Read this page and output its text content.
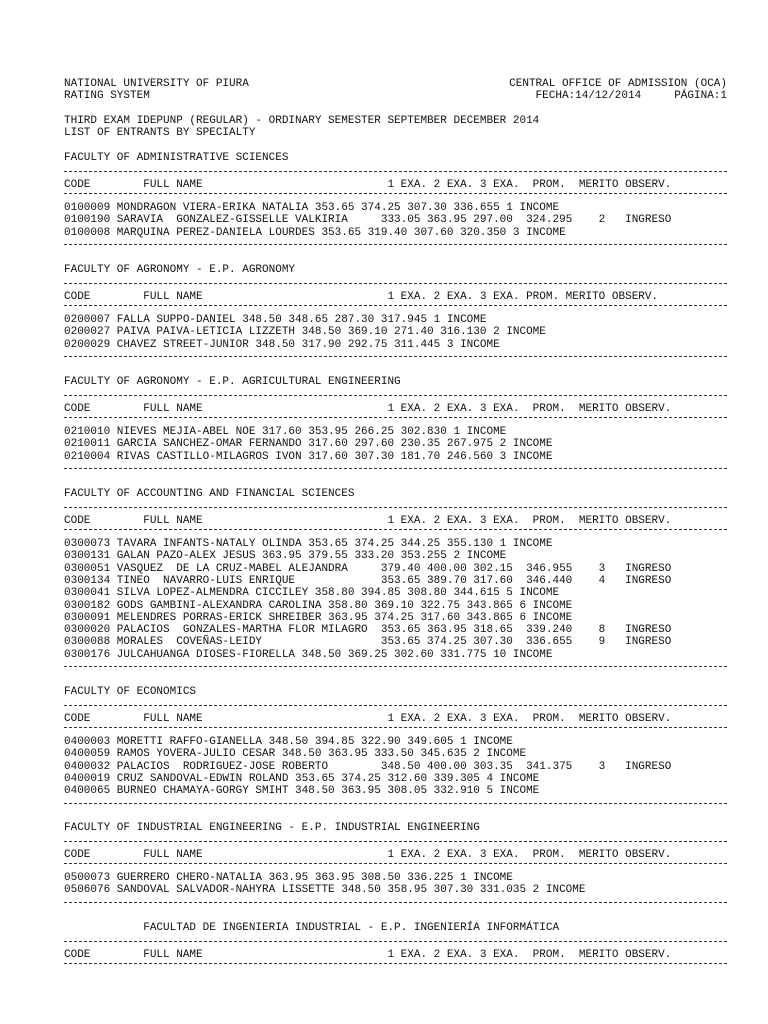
NATIONAL UNIVERSITY OF PIURA	CENTRAL OFFICE OF ADMISSION (OCA)
RATING SYSTEM	FECHA:14/12/2014	PÁGINA:1
THIRD EXAM IDEPUNP (REGULAR) - ORDINARY SEMESTER SEPTEMBER DECEMBER 2014
LIST OF ENTRANTS BY SPECIALTY
FACULTY OF ADMINISTRATIVE SCIENCES
CODE        FULL NAME                            1 EXA. 2 EXA. 3 EXA.  PROM.  MERITO OBSERV.
0100009 MONDRAGON VIERA-ERIKA NATALIA 353.65 374.25 307.30 336.655 1 INCOME
0100190 SARAVIA  GONZALEZ-GISSELLE VALKIRIA     333.05 363.95 297.00  324.295    2   INGRESO
0100008 MARQUINA PEREZ-DANIELA LOURDES 353.65 319.40 307.60 320.350 3 INCOME
FACULTY OF AGRONOMY - E.P. AGRONOMY
CODE        FULL NAME                            1 EXA. 2 EXA. 3 EXA. PROM. MERITO OBSERV.
0200007 FALLA SUPPO-DANIEL 348.50 348.65 287.30 317.945 1 INCOME
0200027 PAIVA PAIVA-LETICIA LIZZETH 348.50 369.10 271.40 316.130 2 INCOME
0200029 CHAVEZ STREET-JUNIOR 348.50 317.90 292.75 311.445 3 INCOME
FACULTY OF AGRONOMY - E.P. AGRICULTURAL ENGINEERING
CODE        FULL NAME                            1 EXA. 2 EXA. 3 EXA.  PROM.  MERITO OBSERV.
0210010 NIEVES MEJIA-ABEL NOE 317.60 353.95 266.25 302.830 1 INCOME
0210011 GARCIA SANCHEZ-OMAR FERNANDO 317.60 297.60 230.35 267.975 2 INCOME
0210004 RIVAS CASTILLO-MILAGROS IVON 317.60 307.30 181.70 246.560 3 INCOME
FACULTY OF ACCOUNTING AND FINANCIAL SCIENCES
CODE        FULL NAME                            1 EXA. 2 EXA. 3 EXA.  PROM.  MERITO OBSERV.
0300073 TAVARA INFANTS-NATALY OLINDA 353.65 374.25 344.25 355.130 1 INCOME
0300131 GALAN PAZO-ALEX JESUS 363.95 379.55 333.20 353.255 2 INCOME
0300051 VASQUEZ  DE LA CRUZ-MABEL ALEJANDRA     379.40 400.00 302.15  346.955    3   INGRESO
0300134 TINEO  NAVARRO-LUIS ENRIQUE             353.65 389.70 317.60  346.440    4   INGRESO
0300041 SILVA LOPEZ-ALMENDRA CICCILEY 358.80 394.85 308.80 344.615 5 INCOME
0300182 GODS GAMBINI-ALEXANDRA CAROLINA 358.80 369.10 322.75 343.865 6 INCOME
0300091 MELENDRES PORRAS-ERICK SHREIBER 363.95 374.25 317.60 343.865 6 INCOME
0300020 PALACIOS  GONZALES-MARTHA FLOR MILAGRO  353.65 363.95 318.65  339.240    8   INGRESO
0300088 MORALES  COVEÑAS-LEIDY                  353.65 374.25 307.30  336.655    9   INGRESO
0300176 JULCAHUANGA DIOSES-FIORELLA 348.50 369.25 302.60 331.775 10 INCOME
FACULTY OF ECONOMICS
CODE        FULL NAME                            1 EXA. 2 EXA. 3 EXA.  PROM.  MERITO OBSERV.
0400003 MORETTI RAFFO-GIANELLA 348.50 394.85 322.90 349.605 1 INCOME
0400059 RAMOS YOVERA-JULIO CESAR 348.50 363.95 333.50 345.635 2 INCOME
0400032 PALACIOS  RODRIGUEZ-JOSE ROBERTO        348.50 400.00 303.35  341.375    3   INGRESO
0400019 CRUZ SANDOVAL-EDWIN ROLAND 353.65 374.25 312.60 339.305 4 INCOME
0400065 BURNEO CHAMAYA-GORGY SMIHT 348.50 363.95 308.05 332.910 5 INCOME
FACULTY OF INDUSTRIAL ENGINEERING - E.P. INDUSTRIAL ENGINEERING
CODE        FULL NAME                            1 EXA. 2 EXA. 3 EXA.  PROM.  MERITO OBSERV.
0500073 GUERRERO CHERO-NATALIA 363.95 363.95 308.50 336.225 1 INCOME
0506076 SANDOVAL SALVADOR-NAHYRA LISSETTE 348.50 358.95 307.30 331.035 2 INCOME
FACULTAD DE INGENIERIA INDUSTRIAL - E.P. INGENIERÍA INFORMÁTICA
CODE        FULL NAME                            1 EXA. 2 EXA. 3 EXA.  PROM.  MERITO OBSERV.
